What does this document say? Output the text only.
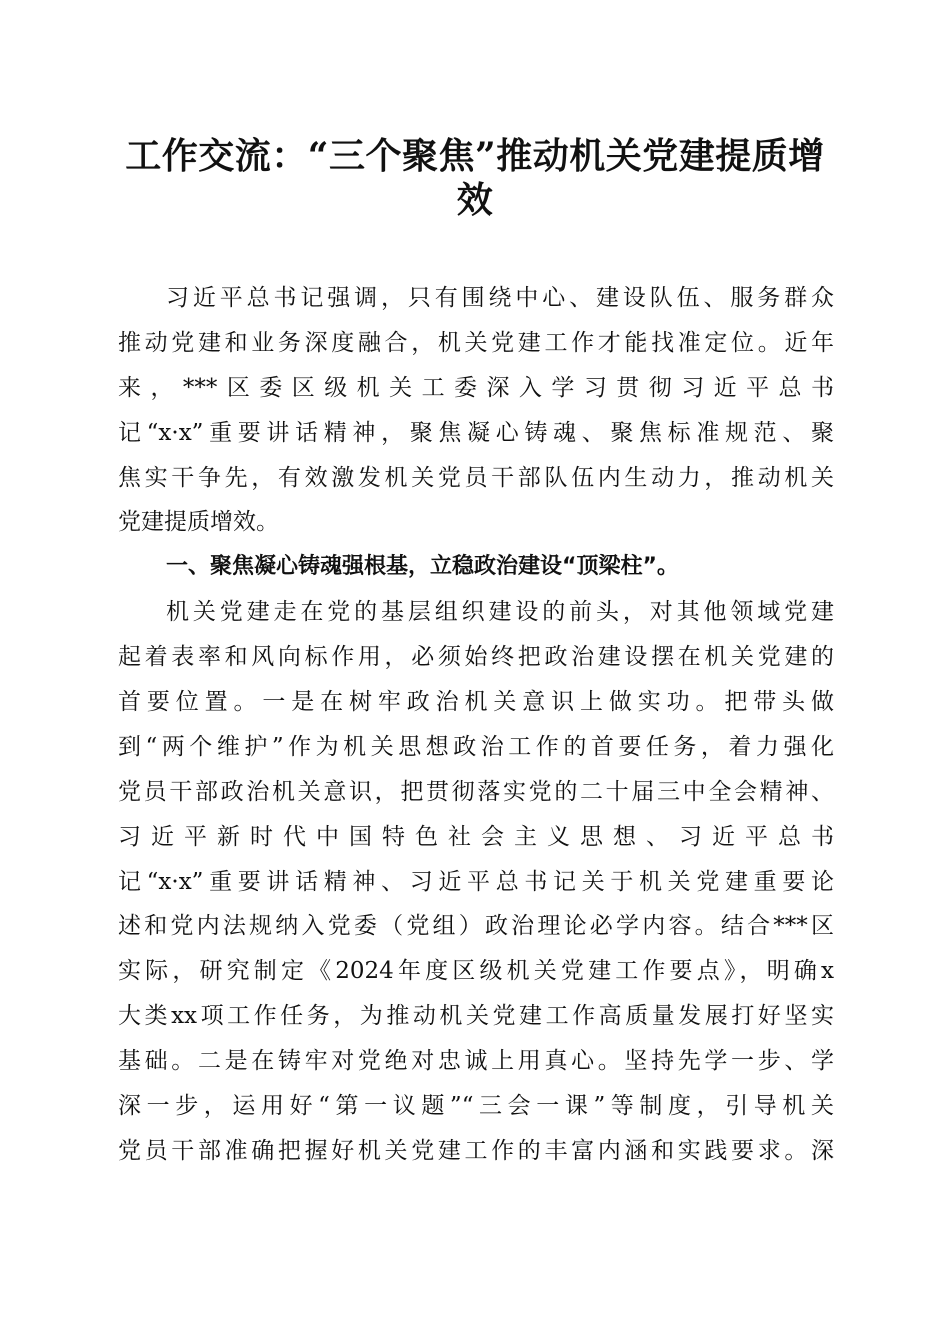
工作交流：“三个聚焦”推动机关党建提质增效
习近平总书记强调，只有围绕中心、建设队伍、服务群众
推动党建和业务深度融合，机关党建工作才能找准定位。近年
来，***区委区级机关工委深入学习贯彻习近平总书
记“x·x”重要讲话精神，聚焦凝心铸魂、聚焦标准规范、聚
焦实干争先，有效激发机关党员干部队伍内生动力，推动机关
党建提质增效。
一、聚焦凝心铸魂强根基，立稳政治建设“顶梁柱”。
机关党建走在党的基层组织建设的前头，对其他领域党建
起着表率和风向标作用，必须始终把政治建设摆在机关党建的
首要位置。一是在树牢政治机关意识上做实功。把带头做
到“两个维护”作为机关思想政治工作的首要任务，着力强化
党员干部政治机关意识，把贯彻落实党的二十届三中全会精神、
习近平新时代中国特色社会主义思想、习近平总书
记“x·x”重要讲话精神、习近平总书记关于机关党建重要论
述和党内法规纳入党委（党组）政治理论必学内容。结合***区
实际，研究制定《2024年度区级机关党建工作要点》，明确x
大类xx项工作任务，为推动机关党建工作高质量发展打好坚实
基础。二是在铸牢对党绝对忠诚上用真心。坚持先学一步、学
深一步，运用好“第一议题”“三会一课”等制度，引导机关
党员干部准确把握好机关党建工作的丰富内涵和实践要求。深
